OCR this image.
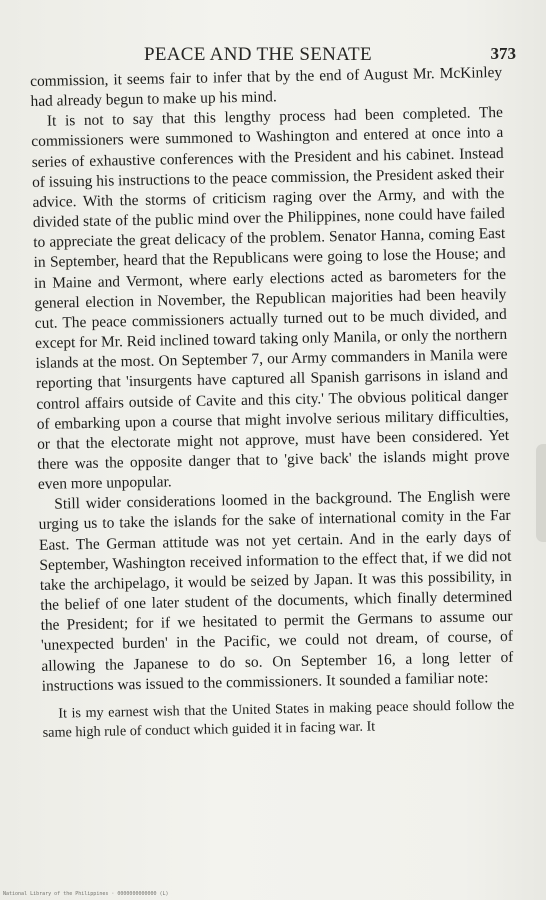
PEACE AND THE SENATE	373

commission, it seems fair to infer that by the end of August Mr. McKinley had already begun to make up his mind.

It is not to say that this lengthy process had been completed. The commissioners were summoned to Washington and entered at once into a series of exhaustive conferences with the President and his cabinet. Instead of issuing his instructions to the peace commission, the President asked their advice. With the storms of criticism raging over the Army, and with the divided state of the public mind over the Philippines, none could have failed to appreciate the great delicacy of the problem. Senator Hanna, coming East in September, heard that the Republicans were going to lose the House; and in Maine and Vermont, where early elections acted as barometers for the general election in November, the Republican majorities had been heavily cut. The peace commissioners actually turned out to be much divided, and except for Mr. Reid inclined toward taking only Manila, or only the northern islands at the most. On September 7, our Army commanders in Manila were reporting that 'insurgents have captured all Spanish garrisons in island and control affairs outside of Cavite and this city.' The obvious political danger of embarking upon a course that might involve serious military difficulties, or that the electorate might not approve, must have been considered. Yet there was the opposite danger that to 'give back' the islands might prove even more unpopular.

Still wider considerations loomed in the background. The English were urging us to take the islands for the sake of international comity in the Far East. The German attitude was not yet certain. And in the early days of September, Washington received information to the effect that, if we did not take the archipelago, it would be seized by Japan. It was this possibility, in the belief of one later student of the documents, which finally determined the President; for if we hesitated to permit the Germans to assume our 'unexpected burden' in the Pacific, we could not dream, of course, of allowing the Japanese to do so. On September 16, a long letter of instructions was issued to the commissioners. It sounded a familiar note:

It is my earnest wish that the United States in making peace should follow the same high rule of conduct which guided it in facing war. It

National Library of the Philippines · 0000000000000 (L)
